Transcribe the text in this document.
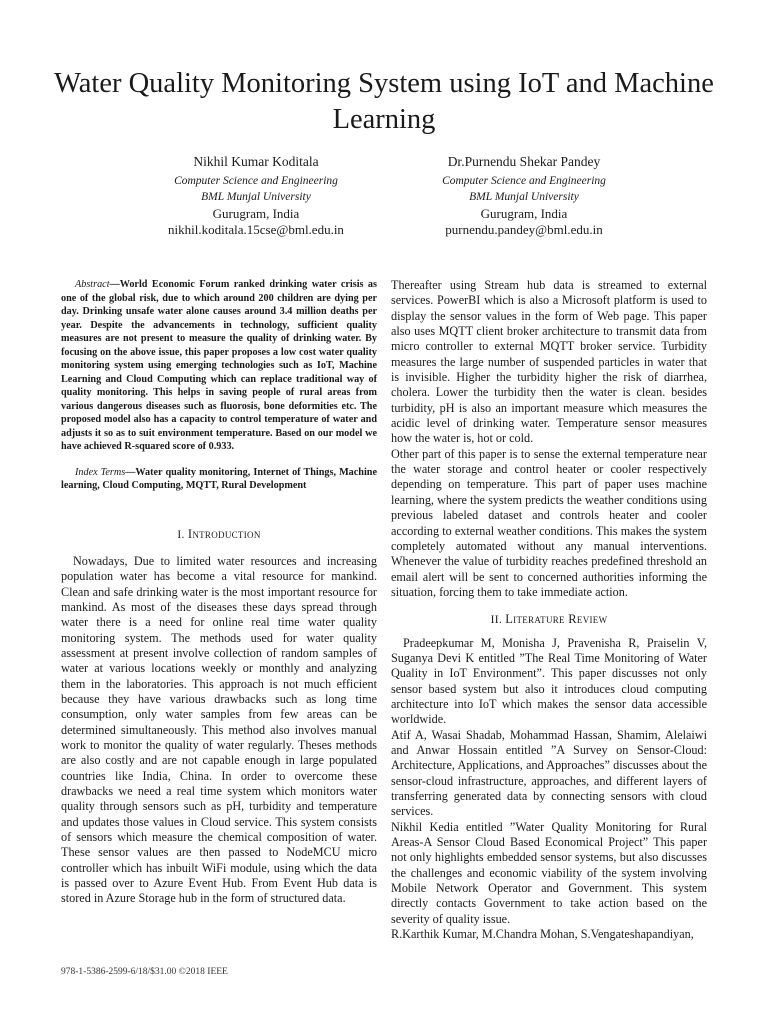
Water Quality Monitoring System using IoT and Machine Learning
Nikhil Kumar Koditala
Computer Science and Engineering
BML Munjal University
Gurugram, India
nikhil.koditala.15cse@bml.edu.in
Dr.Purnendu Shekar Pandey
Computer Science and Engineering
BML Munjal University
Gurugram, India
purnendu.pandey@bml.edu.in

Abstract—World Economic Forum ranked drinking water crisis as one of the global risk, due to which around 200 children are dying per day. Drinking unsafe water alone causes around 3.4 million deaths per year. Despite the advancements in technology, sufficient quality measures are not present to measure the quality of drinking water. By focusing on the above issue, this paper proposes a low cost water quality monitoring system using emerging technologies such as IoT, Machine Learning and Cloud Computing which can replace traditional way of quality monitoring. This helps in saving people of rural areas from various dangerous diseases such as fluorosis, bone deformities etc. The proposed model also has a capacity to control temperature of water and adjusts it so as to suit environment temperature. Based on our model we have achieved R-squared score of 0.933.

Index Terms—Water quality monitoring, Internet of Things, Machine learning, Cloud Computing, MQTT, Rural Development

I. Introduction

Nowadays, Due to limited water resources and increasing population water has become a vital resource for mankind. Clean and safe drinking water is the most important resource for mankind. As most of the diseases these days spread through water there is a need for online real time water quality monitoring system. The methods used for water quality assessment at present involve collection of random samples of water at various locations weekly or monthly and analyzing them in the laboratories. This approach is not much efficient because they have various drawbacks such as long time consumption, only water samples from few areas can be determined simultaneously. This method also involves manual work to monitor the quality of water regularly. Theses methods are also costly and are not capable enough in large populated countries like India, China. In order to overcome these drawbacks we need a real time system which monitors water quality through sensors such as pH, turbidity and temperature and updates those values in Cloud service. This system consists of sensors which measure the chemical composition of water. These sensor values are then passed to NodeMCU micro controller which has inbuilt WiFi module, using which the data is passed over to Azure Event Hub. From Event Hub data is stored in Azure Storage hub in the form of structured data.

Thereafter using Stream hub data is streamed to external services. PowerBI which is also a Microsoft platform is used to display the sensor values in the form of Web page. This paper also uses MQTT client broker architecture to transmit data from micro controller to external MQTT broker service. Turbidity measures the large number of suspended particles in water that is invisible. Higher the turbidity higher the risk of diarrhea, cholera. Lower the turbidity then the water is clean. besides turbidity, pH is also an important measure which measures the acidic level of drinking water. Temperature sensor measures how the water is, hot or cold.

Other part of this paper is to sense the external temperature near the water storage and control heater or cooler respectively depending on temperature. This part of paper uses machine learning, where the system predicts the weather conditions using previous labeled dataset and controls heater and cooler according to external weather conditions. This makes the system completely automated without any manual interventions. Whenever the value of turbidity reaches predefined threshold an email alert will be sent to concerned authorities informing the situation, forcing them to take immediate action.

II. Literature Review

Pradeepkumar M, Monisha J, Pravenisha R, Praiselin V, Suganya Devi K entitled ”The Real Time Monitoring of Water Quality in IoT Environment”. This paper discusses not only sensor based system but also it introduces cloud computing architecture into IoT which makes the sensor data accessible worldwide.

Atif A, Wasai Shadab, Mohammad Hassan, Shamim, Alelaiwi and Anwar Hossain entitled ”A Survey on Sensor-Cloud: Architecture, Applications, and Approaches” discusses about the sensor-cloud infrastructure, approaches, and different layers of transferring generated data by connecting sensors with cloud services.

Nikhil Kedia entitled ”Water Quality Monitoring for Rural Areas-A Sensor Cloud Based Economical Project” This paper not only highlights embedded sensor systems, but also discusses the challenges and economic viability of the system involving Mobile Network Operator and Government. This system directly contacts Government to take action based on the severity of quality issue.

R.Karthik Kumar, M.Chandra Mohan, S.Vengateshapandiyan,

978-1-5386-2599-6/18/$31.00 ©2018 IEEE
